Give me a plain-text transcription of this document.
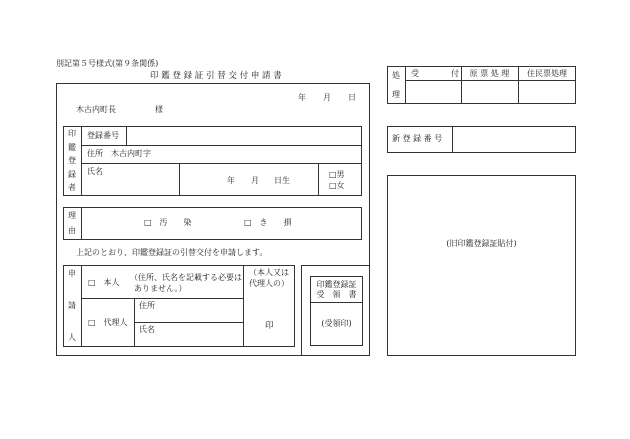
別記第５号様式(第９条関係)
印 鑑 登 録 証 引 替 交 付 申 請 書
年 月 日
木古内町長	様
印
鑑
登
録
者
登録番号
住所　木古内町字
氏名
年 月 日生
□男
□女
理
由
□　汚　　染	□　き　　損
上記のとおり、印鑑登録証の引替交付を申請します。
申
請
人
□　本人
（住所、氏名を記載する必要は
ありません。）
□　代理人
住所
氏名
（本人又は
代理人の）
印
印鑑登録証
受　領　書
(受領印)
処
理
受　　　　付	原 票 処 理	住民票処理
新 登 録 番 号
(旧印鑑登録証貼付)
